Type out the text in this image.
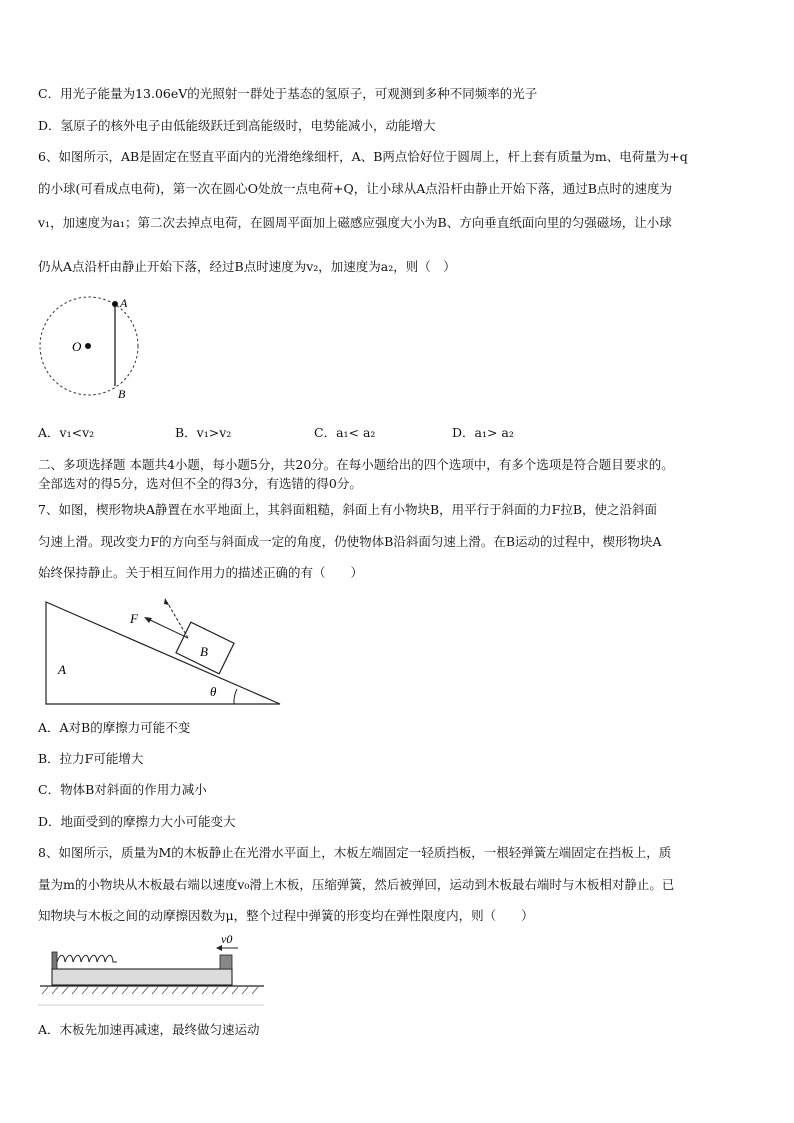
C．用光子能量为13.06eV的光照射一群处于基态的氢原子，可观测到多种不同频率的光子
D．氢原子的核外电子由低能级跃迁到高能级时，电势能减小，动能增大
6、如图所示，AB是固定在竖直平面内的光滑绝缘细杆，A、B两点恰好位于圆周上，杆上套有质量为m、电荷量为+q
的小球(可看成点电荷)，第一次在圆心O处放一点电荷+Q，让小球从A点沿杆由静止开始下落，通过B点时的速度为
v₁，加速度为a₁；第二次去掉点电荷，在圆周平面加上磁感应强度大小为B、方向垂直纸面向里的匀强磁场，让小球
仍从A点沿杆由静止开始下落，经过B点时速度为v₂，加速度为a₂，则（　）
O
A
B
A．v₁<v₂	B．v₁>v₂	C．a₁< a₂	D．a₁> a₂
二、多项选择题 本题共4小题，每小题5分，共20分。在每小题给出的四个选项中，有多个选项是符合题目要求的。
全部选对的得5分，选对但不全的得3分，有选错的得0分。
7、如图，楔形物块A静置在水平地面上，其斜面粗糙，斜面上有小物块B，用平行于斜面的力F拉B，使之沿斜面
匀速上滑。现改变力F的方向至与斜面成一定的角度，仍使物体B沿斜面匀速上滑。在B运动的过程中，楔形物块A
始终保持静止。关于相互间作用力的描述正确的有（　　）
B
F
A
θ
A．A对B的摩擦力可能不变
B．拉力F可能增大
C．物体B对斜面的作用力减小
D．地面受到的摩擦力大小可能变大
8、如图所示，质量为M的木板静止在光滑水平面上，木板左端固定一轻质挡板，一根轻弹簧左端固定在挡板上，质
量为m的小物块从木板最右端以速度v₀滑上木板，压缩弹簧，然后被弹回，运动到木板最右端时与木板相对静止。已
知物块与木板之间的动摩擦因数为μ，整个过程中弹簧的形变均在弹性限度内，则（　　）
v0
A．木板先加速再减速，最终做匀速运动
